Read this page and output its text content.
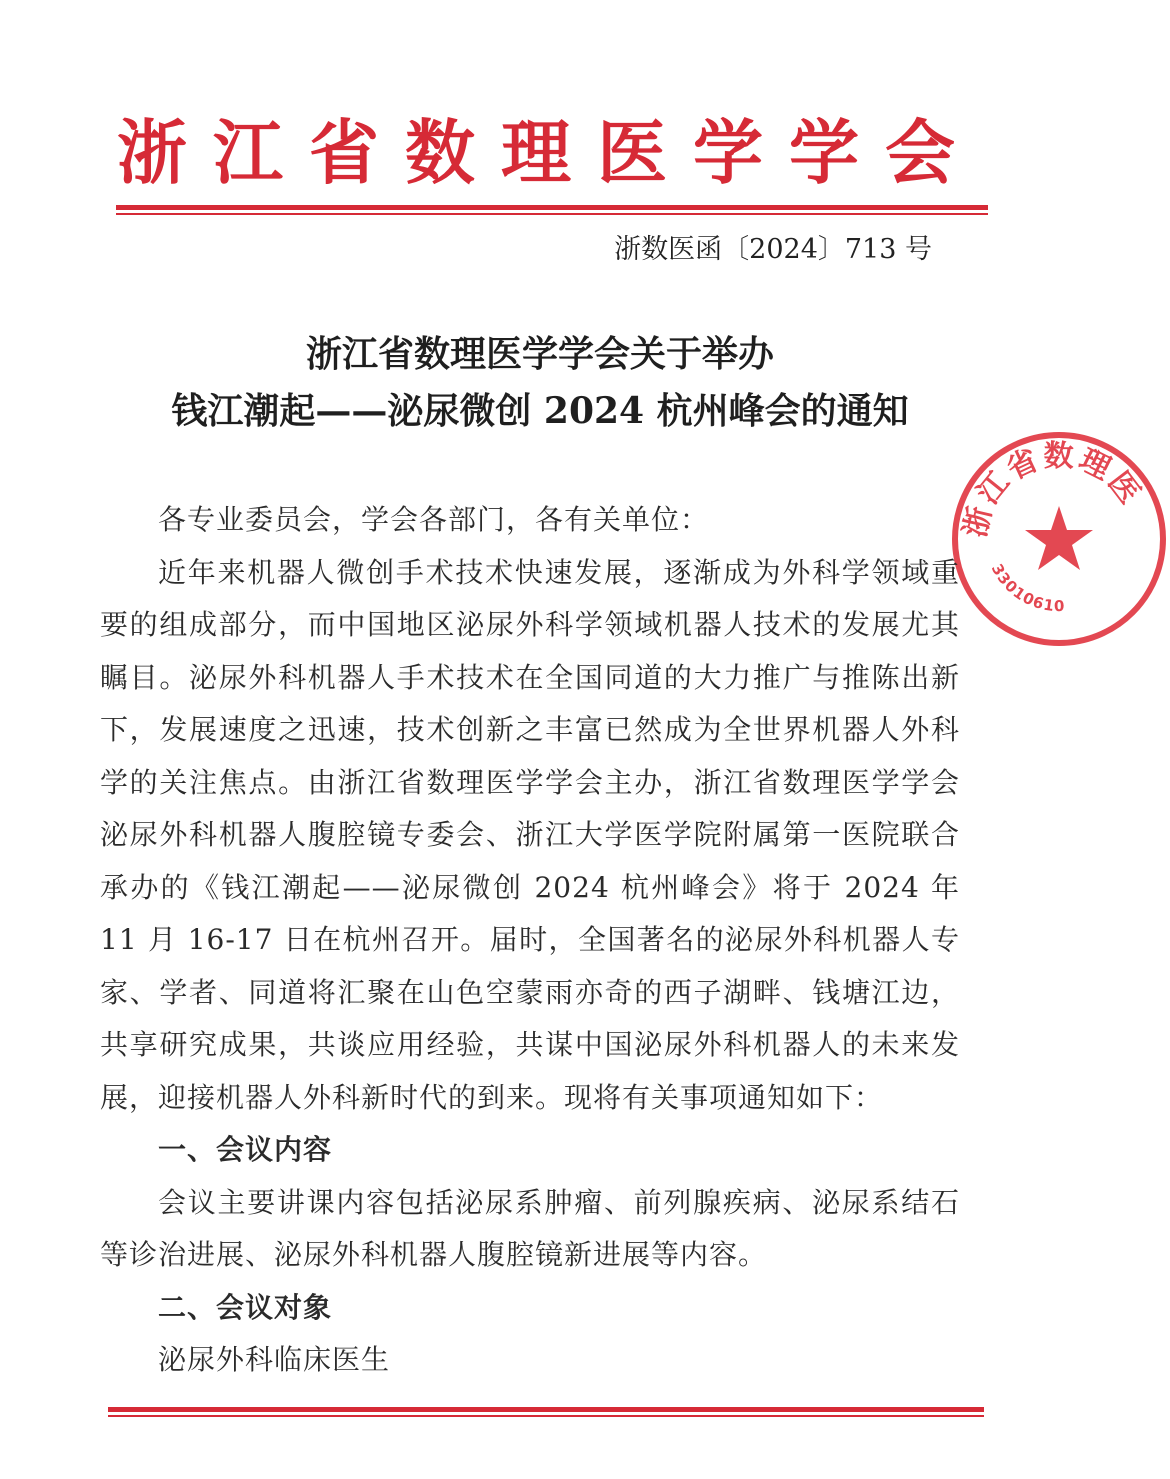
浙江省数理医学学会
浙数医函〔2024〕713 号
浙江省数理医学学会关于举办
钱江潮起——泌尿微创 2024 杭州峰会的通知
浙江省数理医
33010610

各专业委员会，学会各部门，各有关单位：

近年来机器人微创手术技术快速发展，逐渐成为外科学领域重要的组成部分，而中国地区泌尿外科学领域机器人技术的发展尤其瞩目。泌尿外科机器人手术技术在全国同道的大力推广与推陈出新下，发展速度之迅速，技术创新之丰富已然成为全世界机器人外科学的关注焦点。由浙江省数理医学学会主办，浙江省数理医学学会泌尿外科机器人腹腔镜专委会、浙江大学医学院附属第一医院联合承办的《钱江潮起——泌尿微创 2024 杭州峰会》将于 2024 年 11 月 16-17 日在杭州召开。届时，全国著名的泌尿外科机器人专家、学者、同道将汇聚在山色空蒙雨亦奇的西子湖畔、钱塘江边，共享研究成果，共谈应用经验，共谋中国泌尿外科机器人的未来发展，迎接机器人外科新时代的到来。现将有关事项通知如下：

一、会议内容

会议主要讲课内容包括泌尿系肿瘤、前列腺疾病、泌尿系结石等诊治进展、泌尿外科机器人腹腔镜新进展等内容。

二、会议对象

泌尿外科临床医生
